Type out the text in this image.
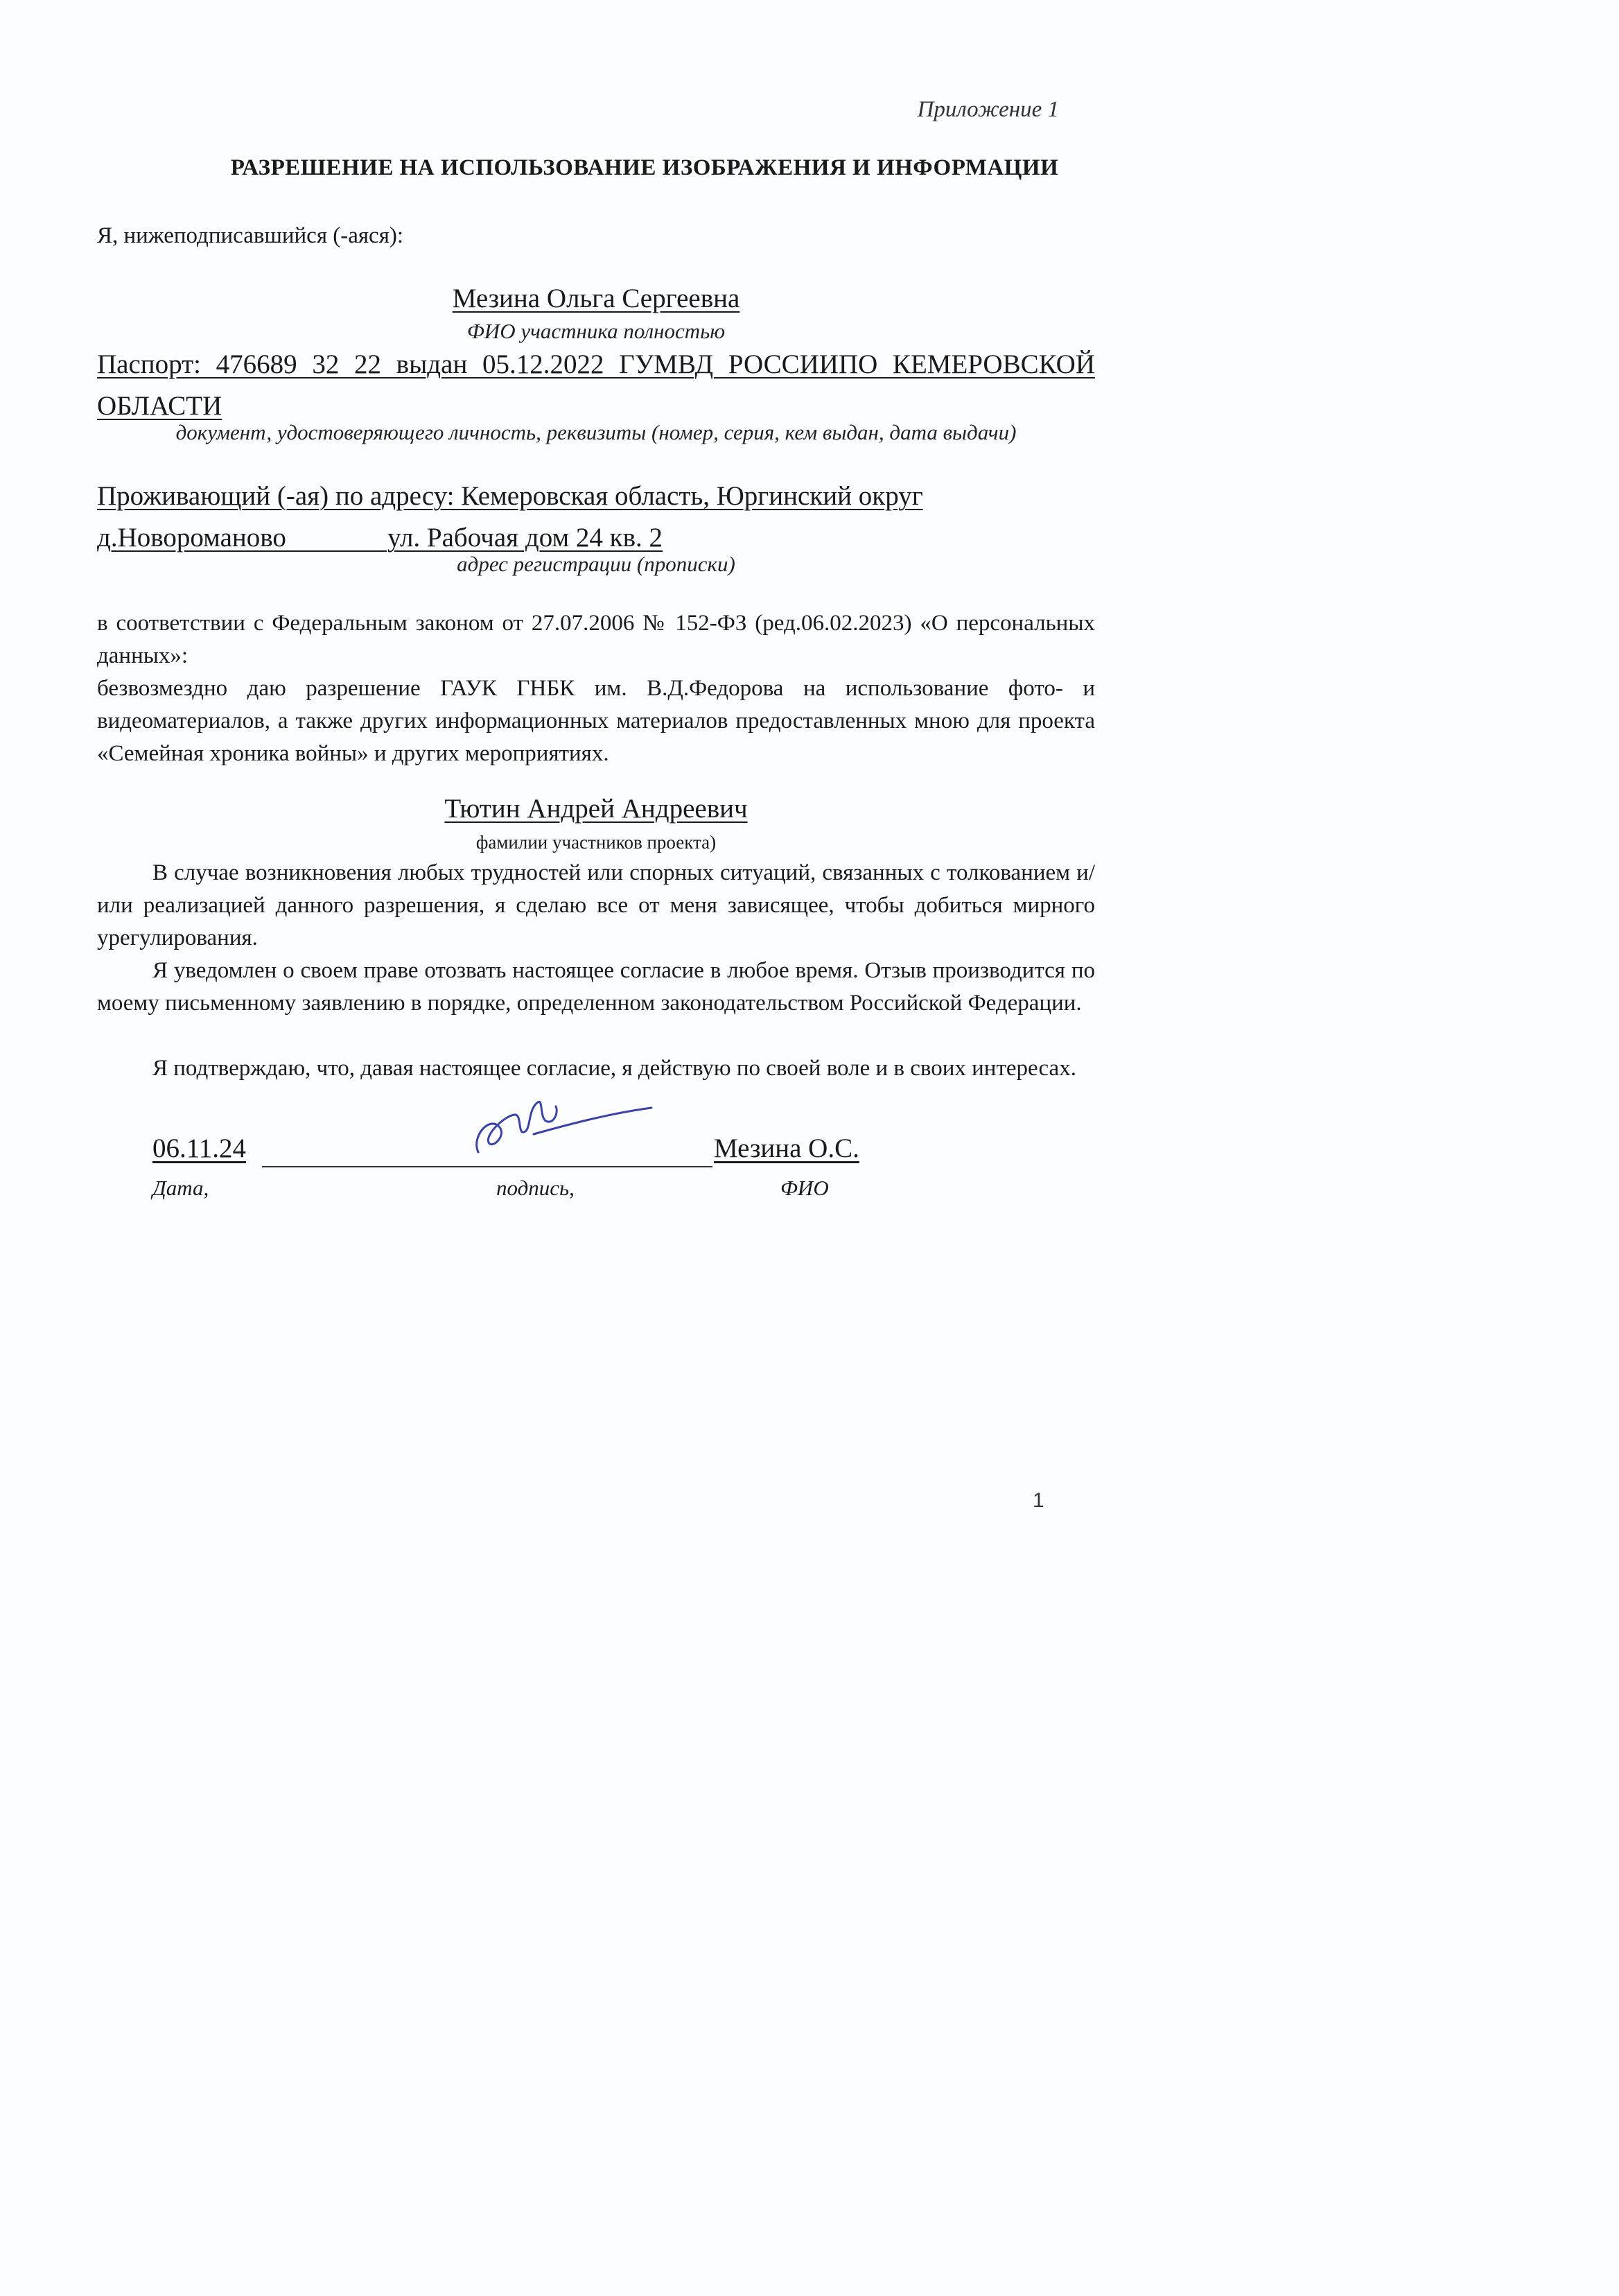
Приложение 1
РАЗРЕШЕНИЕ НА ИСПОЛЬЗОВАНИЕ ИЗОБРАЖЕНИЯ И ИНФОРМАЦИИ
Я, нижеподписавшийся (-аяся):
Мезина Ольга Сергеевна
ФИО участника полностью
Паспорт: 476689 32 22 выдан 05.12.2022 ГУМВД РОССИИПО КЕМЕРОВСКОЙ ОБЛАСТИ
документ, удостоверяющего личность, реквизиты (номер, серия, кем выдан, дата выдачи)
Проживающий (-ая) по адресу: Кемеровская область, Юргинский округ
д.Новороманово               ул. Рабочая дом 24 кв. 2
адрес регистрации (прописки)
в соответствии с Федеральным законом от 27.07.2006 № 152-ФЗ (ред.06.02.2023) «О персональных данных»:
безвозмездно даю разрешение ГАУК ГНБК им. В.Д.Федорова на использование фото- и видеоматериалов, а также других информационных материалов предоставленных мною для проекта «Семейная хроника войны» и других мероприятиях.
Тютин Андрей Андреевич
фамилии участников проекта)
В случае возникновения любых трудностей или спорных ситуаций, связанных с толкованием и/или реализацией данного разрешения, я сделаю все от меня зависящее, чтобы добиться мирного урегулирования.
Я уведомлен о своем праве отозвать настоящее согласие в любое время. Отзыв производится по моему письменному заявлению в порядке, определенном законодательством Российской Федерации.
Я подтверждаю, что, давая настоящее согласие, я действую по своей воле и в своих интересах.
06.11.24	Мезина О.С.
Дата,	подпись,	ФИО
1
